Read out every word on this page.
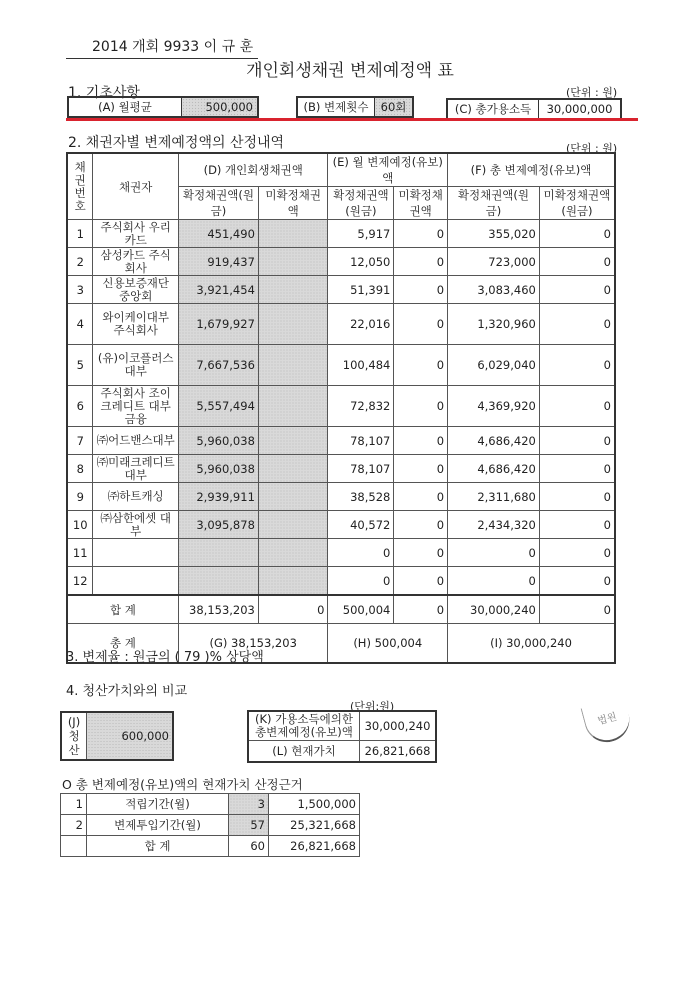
2014 개회 9933 이 규 훈
개인회생채권 변제예정액 표
1. 기초사항	(단위 : 원)
(A) 월평균	500,000	(B) 변제횟수	60회	(C) 총가용소득	30,000,000
2. 채권자별 변제예정액의 산정내역	(단위 : 원)
채권번호	채권자	(D) 개인회생채권액		(E) 월 변제예정(유보)액		(F) 총 변제예정(유보)액	
		확정채권액(원금)	미확정채권액	확정채권액(원금)	미확정채권액	확정채권액(원금)	미확정채권액(원금)
1	주식회사 우리카드	451,490		5,917	0	355,020	0
2	삼성카드 주식회사	919,437		12,050	0	723,000	0
3	신용보증재단 중앙회	3,921,454		51,391	0	3,083,460	0
4	와이케이대부 주식회사	1,679,927		22,016	0	1,320,960	0
5	(유)이코플러스 대부	7,667,536		100,484	0	6,029,040	0
6	주식회사 조이크레디트 대부금융	5,557,494		72,832	0	4,369,920	0
7	㈜어드밴스대부	5,960,038		78,107	0	4,686,420	0
8	㈜미래크레디트 대부	5,960,038		78,107	0	4,686,420	0
9	㈜하트캐싱	2,939,911		38,528	0	2,311,680	0
10	㈜삼한에셋 대부	3,095,878		40,572	0	2,434,320	0
11				0	0	0	0
12				0	0	0	0
합 계		38,153,203	0	500,004	0	30,000,240	0
총 계		(G) 38,153,203		(H) 500,004		(I) 30,000,240	
3. 변제율 : 원금의 ( 79 )% 상당액
4. 청산가치와의 비교
(단위:원)
(J) 청 산	600,000
(K) 가용소득에의한 총변제예정(유보)액	30,000,240
(L) 현재가치	26,821,668
법원
O 총 변제예정(유보)액의 현재가치 산정근거
1	적립기간(월)	3	1,500,000
2	변제투입기간(월)	57	25,321,668
	합 계	60	26,821,668
